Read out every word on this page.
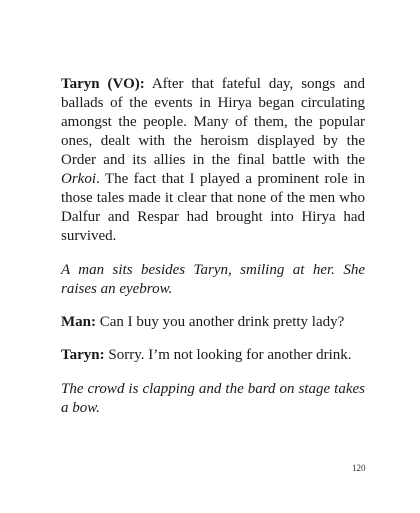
Taryn (VO): After that fateful day, songs and ballads of the events in Hirya began circulating amongst the people. Many of them, the popular ones, dealt with the heroism displayed by the Order and its allies in the final battle with the Orkoi. The fact that I played a prominent role in those tales made it clear that none of the men who Dalfur and Respar had brought into Hirya had survived.

A man sits besides Taryn, smiling at her. She raises an eyebrow.

Man: Can I buy you another drink pretty lady?

Taryn: Sorry. I’m not looking for another drink.

The crowd is clapping and the bard on stage takes a bow.

120
